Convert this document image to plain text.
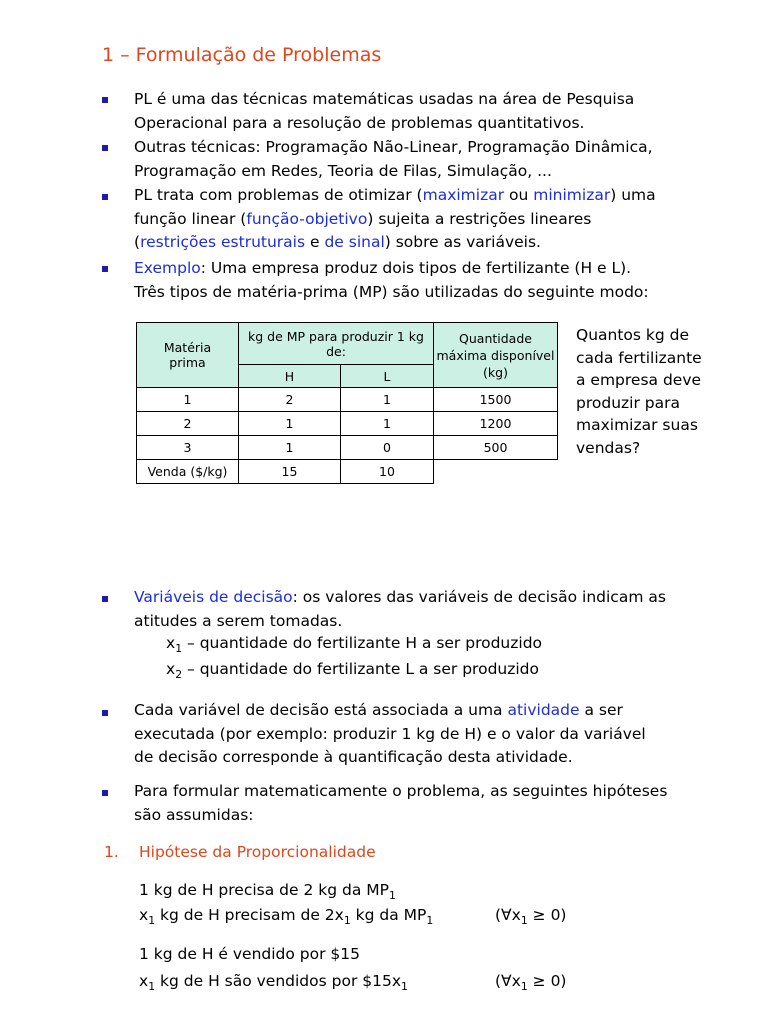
1 – Formulação de Problemas
PL é uma das técnicas matemáticas usadas na área de Pesquisa
Operacional para a resolução de problemas quantitativos.
Outras técnicas: Programação Não-Linear, Programação Dinâmica,
Programação em Redes, Teoria de Filas, Simulação, ...
PL trata com problemas de otimizar (maximizar ou minimizar) uma
função linear (função-objetivo) sujeita a restrições lineares
(restrições estruturais e de sinal) sobre as variáveis.
Exemplo: Uma empresa produz dois tipos de fertilizante (H e L).
Três tipos de matéria-prima (MP) são utilizadas do seguinte modo:
Matéria prima	kg de MP para produzir 1 kg de:		Quantidade máxima disponível (kg)

	H	L	
1	2	1	1500
2	1	1	1200
3	1	0	500
Venda ($/kg)	15	10	
Quantos kg de cada fertilizante a empresa deve produzir para maximizar suas vendas?
Variáveis de decisão: os valores das variáveis de decisão indicam as
atitudes a serem tomadas.
$x_1$ – quantidade do fertilizante H a ser produzido
$x_2$ – quantidade do fertilizante L a ser produzido
Cada variável de decisão está associada a uma atividade a ser
executada (por exemplo: produzir 1 kg de H) e o valor da variável
de decisão corresponde à quantificação desta atividade.
Para formular matematicamente o problema, as seguintes hipóteses
são assumidas:
1. Hipótese da Proporcionalidade
1 kg de H precisa de 2 kg da $MP_1$
$x_1$ kg de H precisam de $2x_1$ kg da $MP_1$	$(\forall x_1 \ge 0)$
1 kg de H é vendido por $15
$x_1$ kg de H são vendidos por $\$15x_1$	$(\forall x_1 \ge 0)$
